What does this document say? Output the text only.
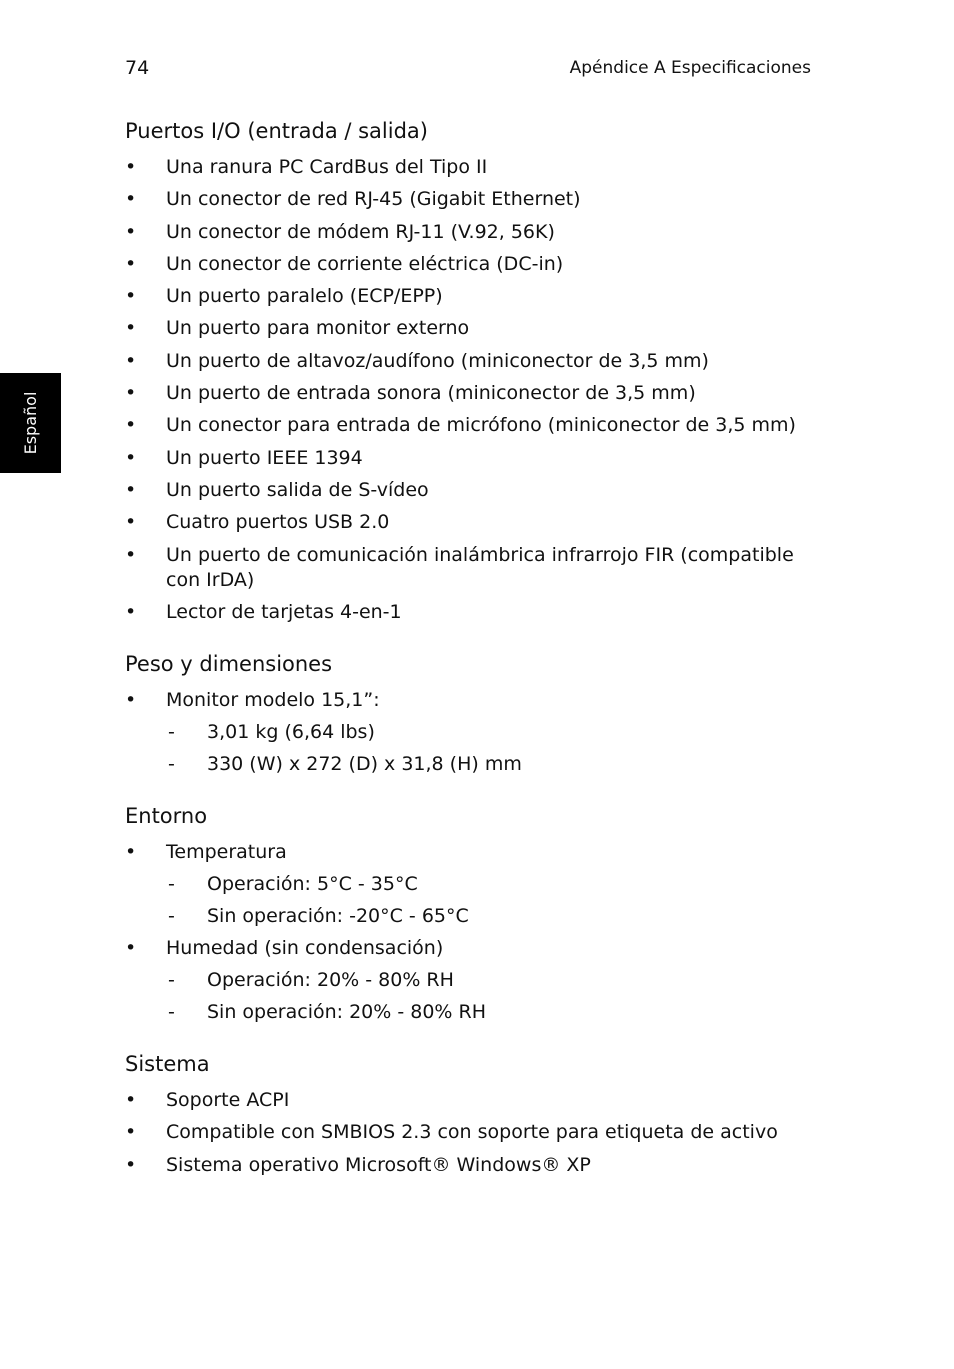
74	Apéndice A Especificaciones
Español
Puertos I/O (entrada / salida)
• Una ranura PC CardBus del Tipo II
• Un conector de red RJ-45 (Gigabit Ethernet)
• Un conector de módem RJ-11 (V.92, 56K)
• Un conector de corriente eléctrica (DC-in)
• Un puerto paralelo (ECP/EPP)
• Un puerto para monitor externo
• Un puerto de altavoz/audífono (miniconector de 3,5 mm)
• Un puerto de entrada sonora (miniconector de 3,5 mm)
• Un conector para entrada de micrófono (miniconector de 3,5 mm)
• Un puerto IEEE 1394
• Un puerto salida de S-vídeo
• Cuatro puertos USB 2.0
• Un puerto de comunicación inalámbrica infrarrojo FIR (compatible con IrDA)
• Lector de tarjetas 4-en-1
Peso y dimensiones
• Monitor modelo 15,1”:
- 3,01 kg (6,64 lbs)
- 330 (W) x 272 (D) x 31,8 (H) mm
Entorno
• Temperatura
- Operación: 5°C - 35°C
- Sin operación: -20°C - 65°C
• Humedad (sin condensación)
- Operación: 20% - 80% RH
- Sin operación: 20% - 80% RH
Sistema
• Soporte ACPI
• Compatible con SMBIOS 2.3 con soporte para etiqueta de activo
• Sistema operativo Microsoft® Windows® XP
